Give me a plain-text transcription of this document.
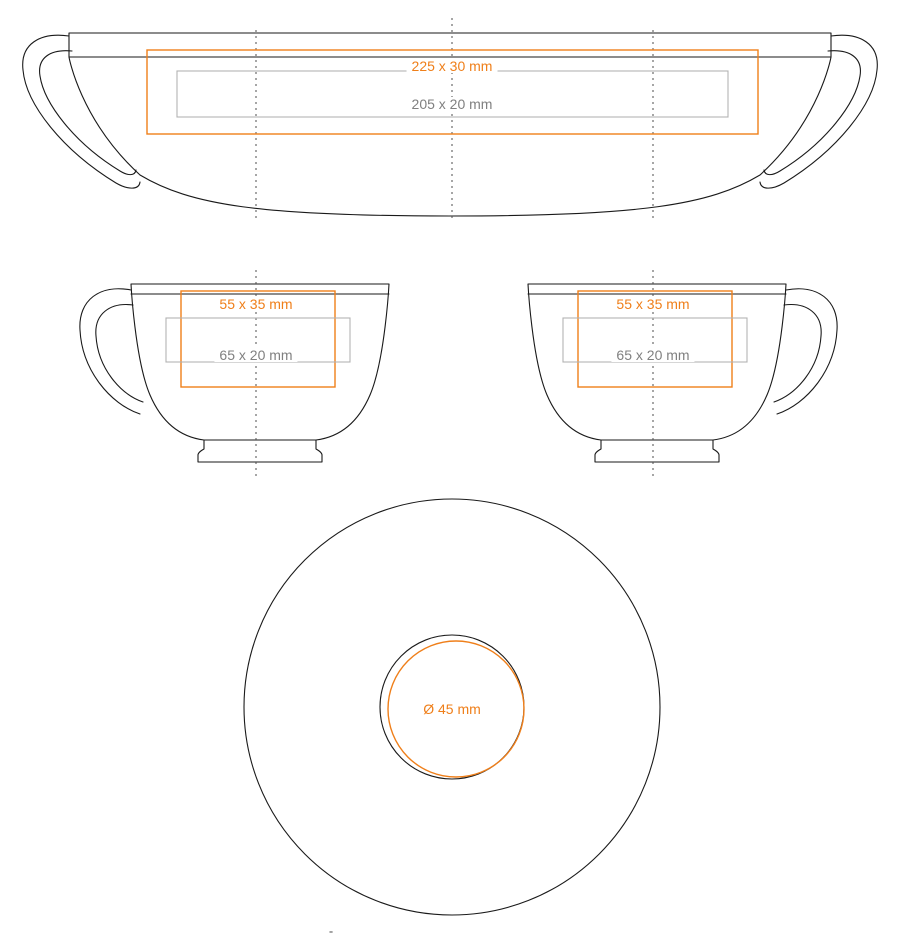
225 x 30 mm
205 x 20 mm
55 x 35 mm
65 x 20 mm
55 x 35 mm
65 x 20 mm
Ø 45 mm
-
